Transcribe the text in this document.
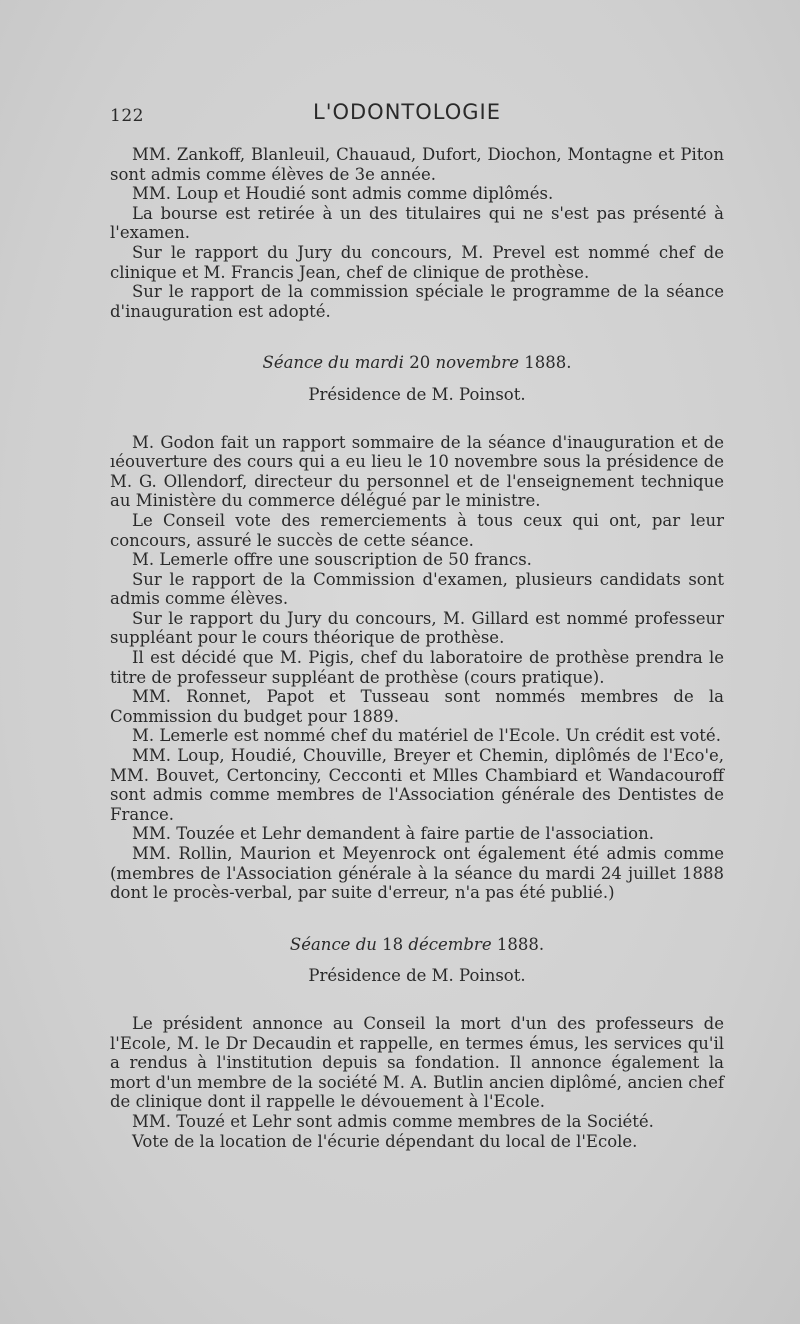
122	L'ODONTOLOGIE

MM. Zankoff, Blanleuil, Chauaud, Dufort, Diochon, Montagne et Piton sont admis comme élèves de 3e année.

MM. Loup et Houdié sont admis comme diplômés.

La bourse est retirée à un des titulaires qui ne s'est pas présenté à l'examen.

Sur le rapport du Jury du concours, M. Prevel est nommé chef de clinique et M. Francis Jean, chef de clinique de prothèse.

Sur le rapport de la commission spéciale le programme de la séance d'inauguration est adopté.

Séance du mardi 20 novembre 1888.
Présidence de M. Poinsot.

M. Godon fait un rapport sommaire de la séance d'inauguration et de ıéouverture des cours qui a eu lieu le 10 novembre sous la présidence de M. G. Ollendorf, directeur du personnel et de l'enseignement technique au Ministère du commerce délégué par le ministre.

Le Conseil vote des remerciements à tous ceux qui ont, par leur concours, assuré le succès de cette séance.

M. Lemerle offre une souscription de 50 francs.

Sur le rapport de la Commission d'examen, plusieurs candidats sont admis comme élèves.

Sur le rapport du Jury du concours, M. Gillard est nommé professeur suppléant pour le cours théorique de prothèse.

Il est décidé que M. Pigis, chef du laboratoire de prothèse prendra le titre de professeur suppléant de prothèse (cours pratique).

MM. Ronnet, Papot et Tusseau sont nommés membres de la Commission du budget pour 1889.

M. Lemerle est nommé chef du matériel de l'Ecole. Un crédit est voté.

MM. Loup, Houdié, Chouville, Breyer et Chemin, diplômés de l'Eco'e, MM. Bouvet, Certonciny, Cecconti et Mlles Chambiard et Wandacouroff sont admis comme membres de l'Association générale des Dentistes de France.

MM. Touzée et Lehr demandent à faire partie de l'association.

MM. Rollin, Maurion et Meyenrock ont également été admis comme (membres de l'Association générale à la séance du mardi 24 juillet 1888 dont le procès-verbal, par suite d'erreur, n'a pas été publié.)

Séance du 18 décembre 1888.
Présidence de M. Poinsot.

Le président annonce au Conseil la mort d'un des professeurs de l'Ecole, M. le Dr Decaudin et rappelle, en termes émus, les services qu'il a rendus à l'institution depuis sa fondation. Il annonce également la mort d'un membre de la société M. A. Butlin ancien diplômé, ancien chef de clinique dont il rappelle le dévouement à l'Ecole.

MM. Touzé et Lehr sont admis comme membres de la Société.

Vote de la location de l'écurie dépendant du local de l'Ecole.
